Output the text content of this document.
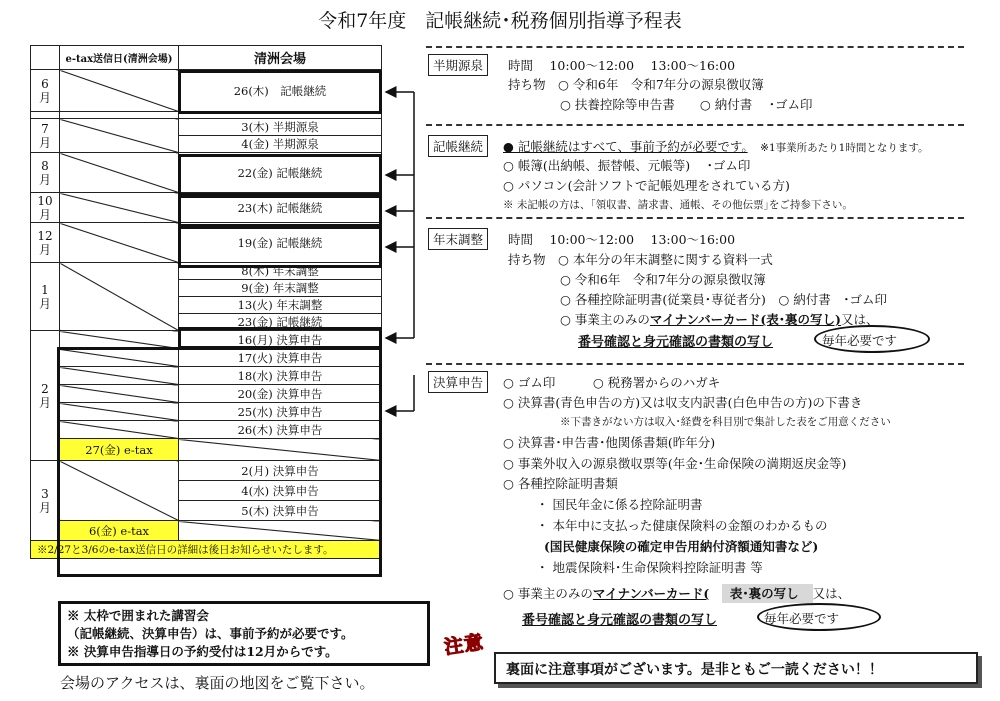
令和7年度　記帳継続･税務個別指導予程表
	e-tax送信日(清洲会場)	清洲会場
6
月		26(木)　記帳継続

7
月		3(木) 半期源泉
		4(金) 半期源泉
8
月		22(金) 記帳継続
10
月		23(木) 記帳継続
12
月		19(金) 記帳継続
1
月		8(木) 年末調整
		9(金) 年末調整
		13(火) 年末調整
		23(金) 記帳継続
2
月		16(月) 決算申告
		17(火) 決算申告
		18(水) 決算申告
		20(金) 決算申告
		25(水) 決算申告
		26(木) 決算申告
	27(金) e-tax	
3
月		2(月) 決算申告
		4(水) 決算申告
		5(木) 決算申告
	6(金) e-tax	
※2/27と3/6のe-tax送信日の詳細は後日お知らせいたします。		
※ 太枠で囲まれた講習会
（記帳継続、決算申告）は、事前予約が必要です。
※ 決算申告指導日の予約受付は12月からです。
会場のアクセスは、裏面の地図をご覧下さい。
半期源泉	時間　 10:00～12:00　 13:00～16:00
持ち物　○ 令和6年　令和7年分の源泉徴収簿
○ 扶養控除等申告書　　○ 納付書　 ･ゴム印
記帳継続	● 記帳継続はすべて、事前予約が必要です。　 ※1事業所あたり1時間となります。
○ 帳簿(出納帳、振替帳、元帳等)　 ･ゴム印
○ パソコン(会計ソフトで記帳処理をされている方)
※ 未記帳の方は、｢領収書、請求書、通帳、その他伝票｣をご持参下さい。
年末調整	時間　 10:00～12:00　 13:00～16:00
持ち物　○ 本年分の年末調整に関する資料一式
○ 令和6年　令和7年分の源泉徴収簿
○ 各種控除証明書(従業員･専従者分)　○ 納付書　･ゴム印
○ 事業主のみのマイナンバーカード(表･裏の写し)又は、
番号確認と身元確認の書類の写し	毎年必要です
決算申告	○ ゴム印　　　○ 税務署からのハガキ
○ 決算書(青色申告の方)又は収支内訳書(白色申告の方)の下書き
※下書きがない方は収入･経費を科目別で集計した表をご用意ください
○ 決算書･申告書･他関係書類(昨年分)
○ 事業外収入の源泉徴収票等(年金･生命保険の満期返戻金等)
○ 各種控除証明書類
・ 国民年金に係る控除証明書
・ 本年中に支払った健康保険料の金額のわかるもの
(国民健康保険の確定申告用納付済額通知書など)
・ 地震保険料･生命保険料控除証明書 等
○ 事業主のみのマイナンバーカード(　 表･裏の写し 又は、
番号確認と身元確認の書類の写し	毎年必要です
注意
裏面に注意事項がございます。是非ともご一読ください！！
